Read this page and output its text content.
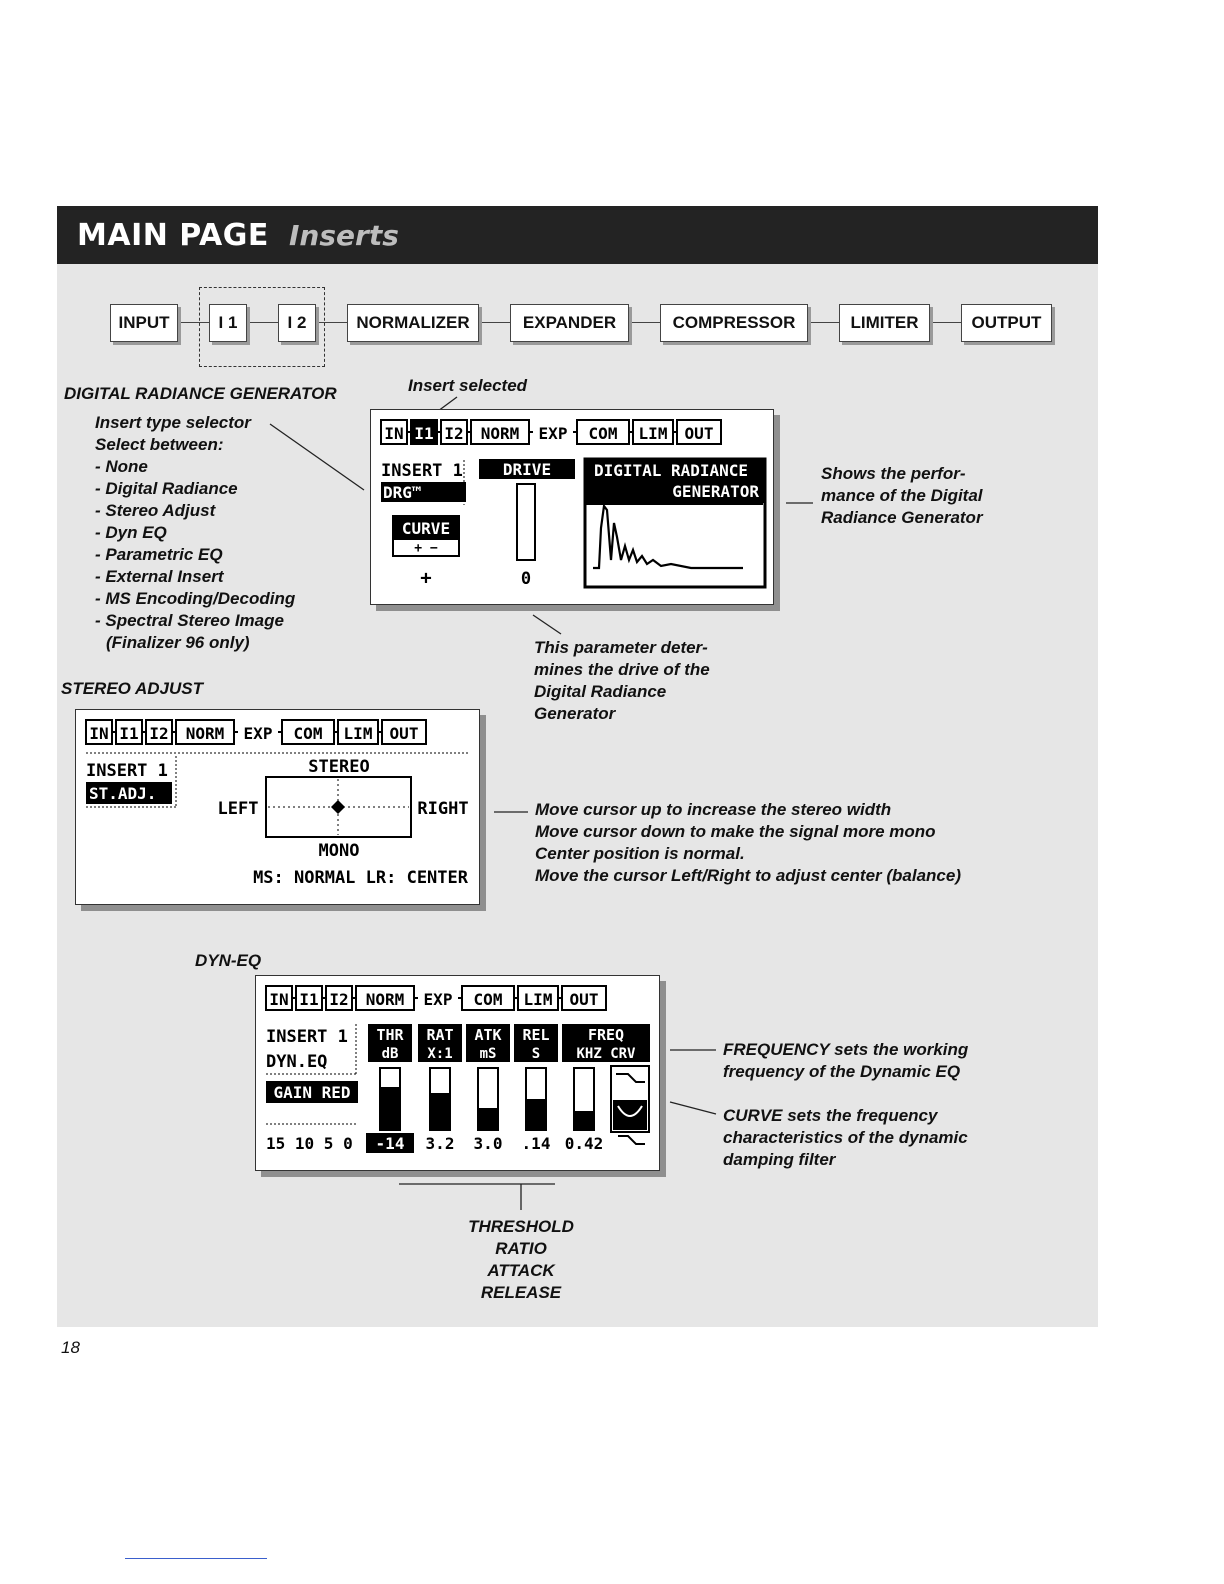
MAIN PAGE Inserts
INPUT	I 1	I 2	NORMALIZER	EXPANDER	COMPRESSOR	LIMITER	OUTPUT
DIGITAL RADIANCE GENERATOR	Insert selected
Insert type selector
Select between:
- None
- Digital Radiance
- Stereo Adjust
- Dyn EQ
- Parametric EQ
- External Insert
- MS Encoding/Decoding
- Spectral Stereo Image
(Finalizer 96 only)
IN I1 I2 NORM EXP COM LIM OUT
INSERT 1
DRG™
DRIVE
0
DIGITAL RADIANCE
GENERATOR
CURVE
+ −
+
Shows the perfor-
mance of the Digital
Radiance Generator
This parameter deter-
mines the drive of the
Digital Radiance
Generator
STEREO ADJUST
IN I1 I2 NORM EXP COM LIM OUT
INSERT 1
ST.ADJ.
STEREO
LEFT	RIGHT
MONO
MS: NORMAL LR: CENTER
Move cursor up to increase the stereo width
Move cursor down to make the signal more mono
Center position is normal.
Move the cursor Left/Right to adjust center (balance)
DYN-EQ
IN I1 I2 NORM EXP COM LIM OUT
INSERT 1
DYN.EQ
GAIN RED
15 10 5 0
THR
dB
-14
RAT
X:1
3.2
ATK
mS
3.0
REL
S
.14
FREQ
KHZ CRV
0.42
FREQUENCY sets the working
frequency of the Dynamic EQ
CURVE sets the frequency
characteristics of the dynamic
damping filter
THRESHOLD
RATIO
ATTACK
RELEASE
18
